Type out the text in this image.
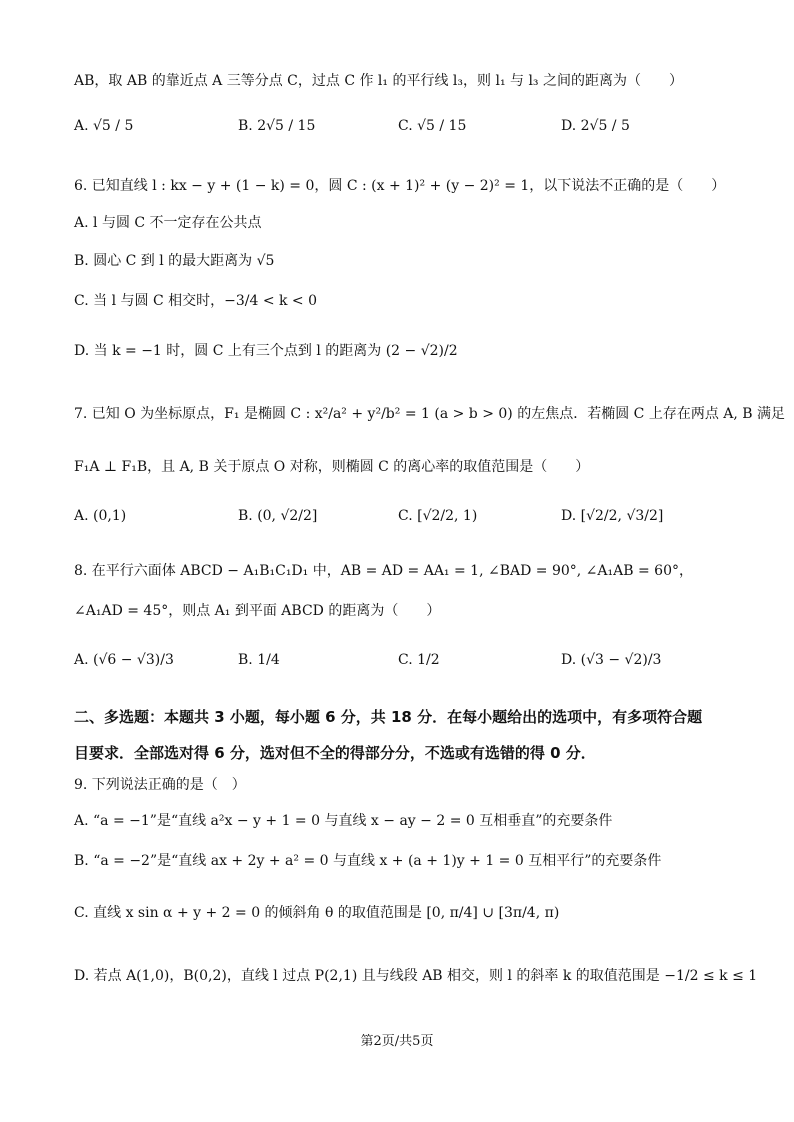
AB，取 AB 的靠近点 A 三等分点 C，过点 C 作 l₁ 的平行线 l₃，则 l₁ 与 l₃ 之间的距离为（　　）
A. √5 / 5	B. 2√5 / 15	C. √5 / 15	D. 2√5 / 5
6. 已知直线 l : kx − y + (1 − k) = 0，圆 C : (x + 1)² + (y − 2)² = 1，以下说法不正确的是（　　）
A. l 与圆 C 不一定存在公共点
B. 圆心 C 到 l 的最大距离为 √5
C. 当 l 与圆 C 相交时，−3/4 < k < 0
D. 当 k = −1 时，圆 C 上有三个点到 l 的距离为 (2 − √2)/2
7. 已知 O 为坐标原点，F₁ 是椭圆 C : x²/a² + y²/b² = 1 (a > b > 0) 的左焦点．若椭圆 C 上存在两点 A, B 满足
F₁A ⊥ F₁B，且 A, B 关于原点 O 对称，则椭圆 C 的离心率的取值范围是（　　）
A. (0,1)	B. (0, √2/2]	C. [√2/2, 1)	D. [√2/2, √3/2]
8. 在平行六面体 ABCD − A₁B₁C₁D₁ 中，AB = AD = AA₁ = 1, ∠BAD = 90°, ∠A₁AB = 60°，
∠A₁AD = 45°，则点 A₁ 到平面 ABCD 的距离为（　　）
A. (√6 − √3)/3	B. 1/4	C. 1/2	D. (√3 − √2)/3
二、多选题：本题共 3 小题，每小题 6 分，共 18 分．在每小题给出的选项中，有多项符合题
目要求．全部选对得 6 分，选对但不全的得部分分，不选或有选错的得 0 分．
9. 下列说法正确的是（　）
A. “a = −1”是“直线 a²x − y + 1 = 0 与直线 x − ay − 2 = 0 互相垂直”的充要条件
B. “a = −2”是“直线 ax + 2y + a² = 0 与直线 x + (a + 1)y + 1 = 0 互相平行”的充要条件
C. 直线 x sin α + y + 2 = 0 的倾斜角 θ 的取值范围是 [0, π/4] ∪ [3π/4, π)
D. 若点 A(1,0)，B(0,2)，直线 l 过点 P(2,1) 且与线段 AB 相交，则 l 的斜率 k 的取值范围是 −1/2 ≤ k ≤ 1
第2页/共5页
